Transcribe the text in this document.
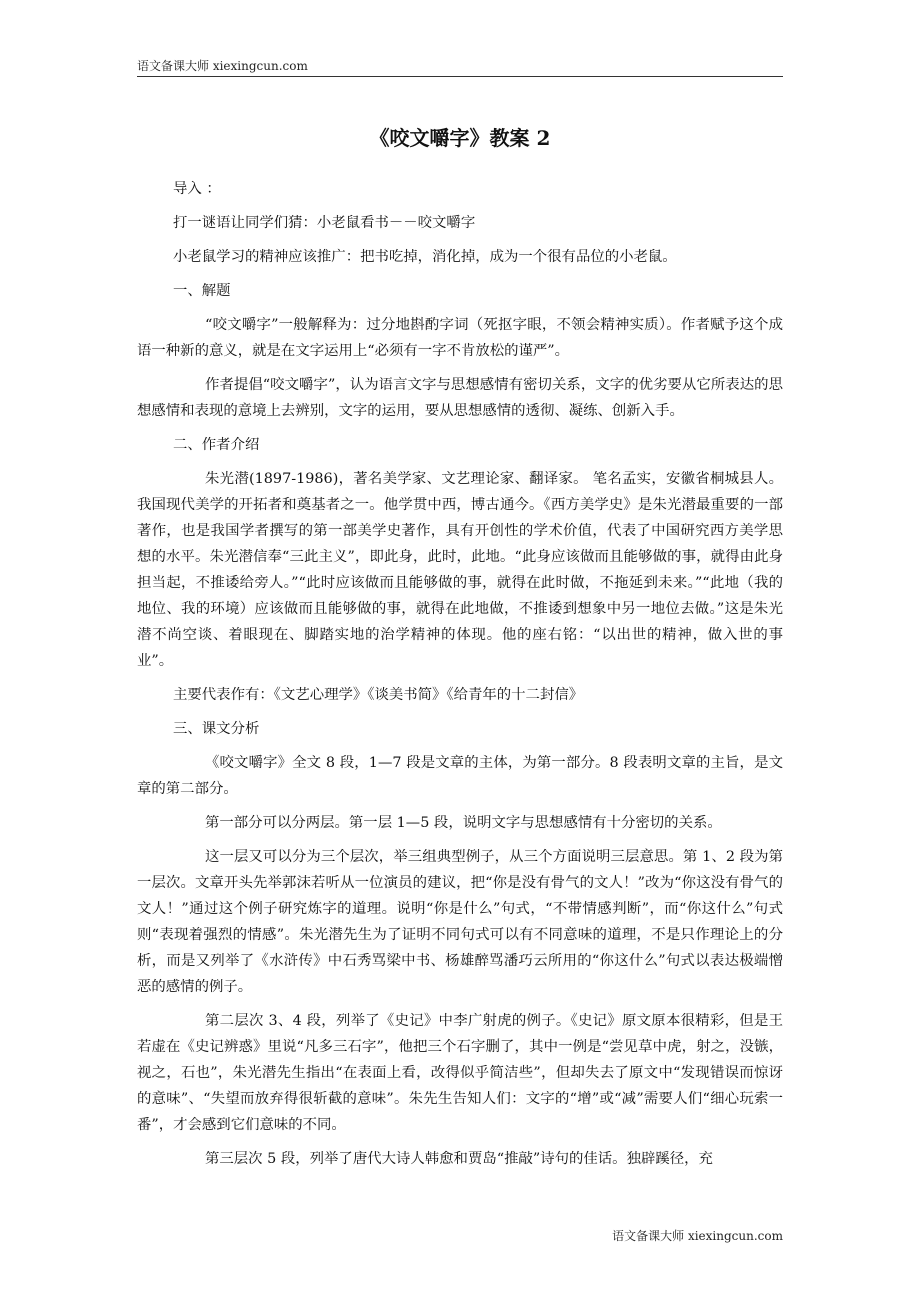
语文备课大师 xiexingcun.com
《咬文嚼字》教案 2

导入 ：

打一谜语让同学们猜：小老鼠看书－－咬文嚼字

小老鼠学习的精神应该推广：把书吃掉，消化掉，成为一个很有品位的小老鼠。

一、解题

“咬文嚼字”一般解释为：过分地斟酌字词（死抠字眼，不领会精神实质）。作者赋予这个成语一种新的意义，就是在文字运用上“必须有一字不肯放松的谨严”。

作者提倡“咬文嚼字”，认为语言文字与思想感情有密切关系，文字的优劣要从它所表达的思想感情和表现的意境上去辨别，文字的运用，要从思想感情的透彻、凝练、创新入手。

二、作者介绍

朱光潜(1897-1986)，著名美学家、文艺理论家、翻译家。 笔名孟实，安徽省桐城县人。我国现代美学的开拓者和奠基者之一。他学贯中西，博古通今。《西方美学史》是朱光潜最重要的一部著作，也是我国学者撰写的第一部美学史著作，具有开创性的学术价值，代表了中国研究西方美学思想的水平。朱光潜信奉“三此主义”，即此身，此时，此地。“此身应该做而且能够做的事，就得由此身担当起，不推诿给旁人。”“此时应该做而且能够做的事，就得在此时做，不拖延到未来。”“此地（我的地位、我的环境）应该做而且能够做的事，就得在此地做，不推诿到想象中另一地位去做。”这是朱光潜不尚空谈、着眼现在、脚踏实地的治学精神的体现。他的座右铭：“以出世的精神，做入世的事业”。

主要代表作有：《文艺心理学》《谈美书简》《给青年的十二封信》

三、课文分析

《咬文嚼字》全文 8 段，1—7 段是文章的主体，为第一部分。8 段表明文章的主旨，是文章的第二部分。

第一部分可以分两层。第一层 1—5 段，说明文字与思想感情有十分密切的关系。

这一层又可以分为三个层次，举三组典型例子，从三个方面说明三层意思。第 1、2 段为第一层次。文章开头先举郭沫若听从一位演员的建议，把“你是没有骨气的文人！”改为“你这没有骨气的文人！”通过这个例子研究炼字的道理。说明“你是什么”句式，“不带情感判断”，而“你这什么”句式则“表现着强烈的情感”。朱光潜先生为了证明不同句式可以有不同意味的道理，不是只作理论上的分析，而是又列举了《水浒传》中石秀骂梁中书、杨雄醉骂潘巧云所用的“你这什么”句式以表达极端憎恶的感情的例子。

第二层次 3、4 段，列举了《史记》中李广射虎的例子。《史记》原文原本很精彩，但是王若虚在《史记辨惑》里说“凡多三石字”，他把三个石字删了，其中一例是“尝见草中虎，射之，没镞，视之，石也”，朱光潜先生指出“在表面上看，改得似乎简洁些”，但却失去了原文中“发现错误而惊讶的意味”、“失望而放弃得很斩截的意味”。朱先生告知人们：文字的“增”或“减”需要人们“细心玩索一番”，才会感到它们意味的不同。

第三层次 5 段，列举了唐代大诗人韩愈和贾岛“推敲”诗句的佳话。独辟蹊径，充

语文备课大师 xiexingcun.com
